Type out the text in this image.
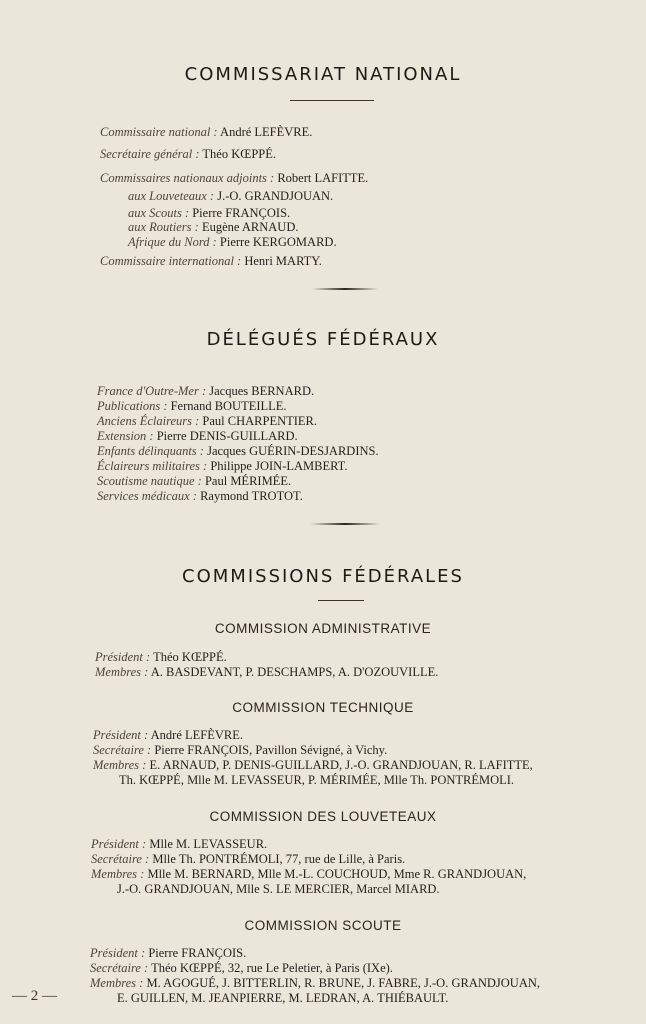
COMMISSARIAT NATIONAL
Commissaire national : André LEFÈVRE.
Secrétaire général : Théo KŒPPÉ.
Commissaires nationaux adjoints : Robert LAFITTE.
aux Louveteaux : J.-O. GRANDJOUAN.
aux Scouts : Pierre FRANÇOIS.
aux Routiers : Eugène ARNAUD.
Afrique du Nord : Pierre KERGOMARD.
Commissaire international : Henri MARTY.
DÉLÉGUÉS FÉDÉRAUX
France d'Outre-Mer : Jacques BERNARD.
Publications : Fernand BOUTEILLE.
Anciens Éclaireurs : Paul CHARPENTIER.
Extension : Pierre DENIS-GUILLARD.
Enfants délinquants : Jacques GUÉRIN-DESJARDINS.
Éclaireurs militaires : Philippe JOIN-LAMBERT.
Scoutisme nautique : Paul MÉRIMÉE.
Services médicaux : Raymond TROTOT.
COMMISSIONS FÉDÉRALES
COMMISSION ADMINISTRATIVE
Président : Théo KŒPPÉ.
Membres : A. BASDEVANT, P. DESCHAMPS, A. D'OZOUVILLE.
COMMISSION TECHNIQUE
Président : André LEFÈVRE.
Secrétaire : Pierre FRANÇOIS, Pavillon Sévigné, à Vichy.
Membres : E. ARNAUD, P. DENIS-GUILLARD, J.-O. GRANDJOUAN, R. LAFITTE,
Th. KŒPPÉ, Mlle M. LEVASSEUR, P. MÉRIMÉE, Mlle Th. PONTRÉMOLI.
COMMISSION DES LOUVETEAUX
Président : Mlle M. LEVASSEUR.
Secrétaire : Mlle Th. PONTRÉMOLI, 77, rue de Lille, à Paris.
Membres : Mlle M. BERNARD, Mlle M.-L. COUCHOUD, Mme R. GRANDJOUAN,
J.-O. GRANDJOUAN, Mlle S. LE MERCIER, Marcel MIARD.
COMMISSION SCOUTE
Président : Pierre FRANÇOIS.
Secrétaire : Théo KŒPPÉ, 32, rue Le Peletier, à Paris (IXe).
Membres : M. AGOGUÉ, J. BITTERLIN, R. BRUNE, J. FABRE, J.-O. GRANDJOUAN,
E. GUILLEN, M. JEANPIERRE, M. LEDRAN, A. THIÉBAULT.
— 2 —
